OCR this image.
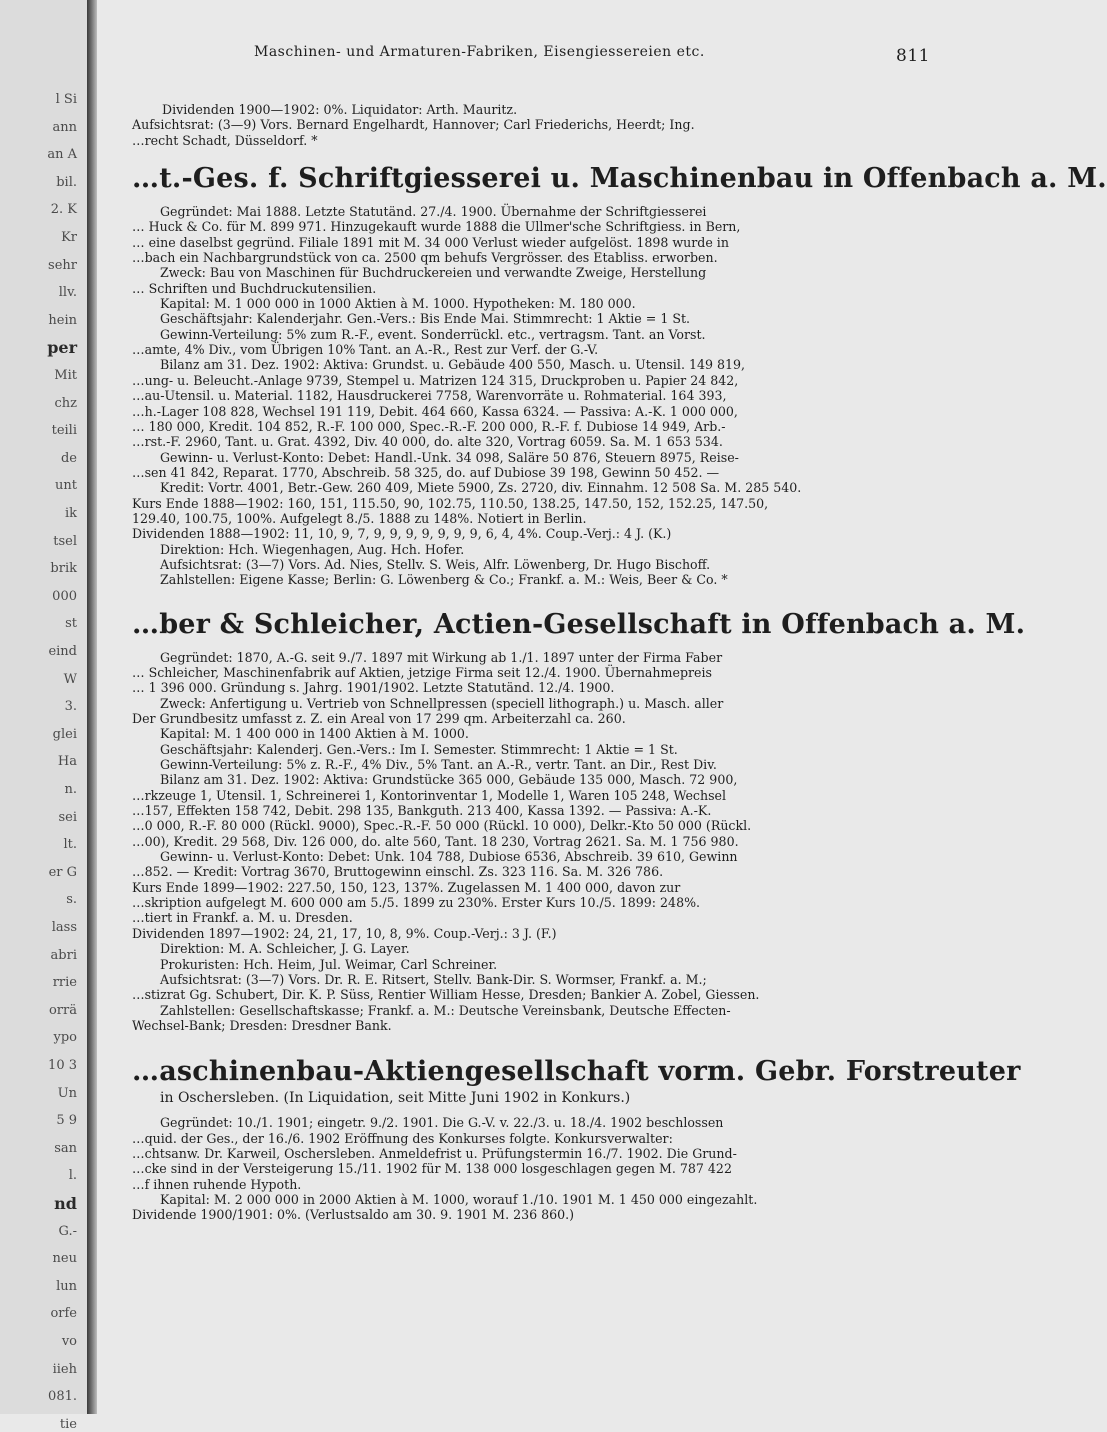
l Si
ann
an A
bil.
2. K
Kr
sehr
llv.
hein
per
Mit
chz
teili
de
unt
ik
tsel
brik
000
st
eind
W
3.
glei
Ha
n.
sei
lt.
er G
s.
lass
abri
rrie
orrä
ypo
10 3
Un
5 9
san
l.
nd
G.-
neu
lun
orfe
vo
iieh
081.
tie
Maschinen- und Armaturen-Fabriken, Eisengiessereien etc.	811
Dividenden 1900—1902: 0%. Liquidator: Arth. Mauritz.
Aufsichtsrat: (3—9) Vors. Bernard Engelhardt, Hannover; Carl Friederichs, Heerdt; Ing.
…recht Schadt, Düsseldorf. *
…t.-Ges. f. Schriftgiesserei u. Maschinenbau in Offenbach a. M.
Gegründet: Mai 1888. Letzte Statutänd. 27./4. 1900. Übernahme der Schriftgiesserei
… Huck & Co. für M. 899 971. Hinzugekauft wurde 1888 die Ullmer'sche Schriftgiess. in Bern,
… eine daselbst gegründ. Filiale 1891 mit M. 34 000 Verlust wieder aufgelöst. 1898 wurde in
…bach ein Nachbargrundstück von ca. 2500 qm behufs Vergrösser. des Etabliss. erworben.
Zweck: Bau von Maschinen für Buchdruckereien und verwandte Zweige, Herstellung
… Schriften und Buchdruckutensilien.
Kapital: M. 1 000 000 in 1000 Aktien à M. 1000. Hypotheken: M. 180 000.
Geschäftsjahr: Kalenderjahr. Gen.-Vers.: Bis Ende Mai. Stimmrecht: 1 Aktie = 1 St.
Gewinn-Verteilung: 5% zum R.-F., event. Sonderrückl. etc., vertragsm. Tant. an Vorst.
…amte, 4% Div., vom Übrigen 10% Tant. an A.-R., Rest zur Verf. der G.-V.
Bilanz am 31. Dez. 1902: Aktiva: Grundst. u. Gebäude 400 550, Masch. u. Utensil. 149 819,
…ung- u. Beleucht.-Anlage 9739, Stempel u. Matrizen 124 315, Druckproben u. Papier 24 842,
…au-Utensil. u. Material. 1182, Hausdruckerei 7758, Warenvorräte u. Rohmaterial. 164 393,
…h.-Lager 108 828, Wechsel 191 119, Debit. 464 660, Kassa 6324. — Passiva: A.-K. 1 000 000,
… 180 000, Kredit. 104 852, R.-F. 100 000, Spec.-R.-F. 200 000, R.-F. f. Dubiose 14 949, Arb.-
…rst.-F. 2960, Tant. u. Grat. 4392, Div. 40 000, do. alte 320, Vortrag 6059. Sa. M. 1 653 534.
Gewinn- u. Verlust-Konto: Debet: Handl.-Unk. 34 098, Saläre 50 876, Steuern 8975, Reise-
…sen 41 842, Reparat. 1770, Abschreib. 58 325, do. auf Dubiose 39 198, Gewinn 50 452. —
Kredit: Vortr. 4001, Betr.-Gew. 260 409, Miete 5900, Zs. 2720, div. Einnahm. 12 508 Sa. M. 285 540.
Kurs Ende 1888—1902: 160, 151, 115.50, 90, 102.75, 110.50, 138.25, 147.50, 152, 152.25, 147.50,
129.40, 100.75, 100%. Aufgelegt 8./5. 1888 zu 148%. Notiert in Berlin.
Dividenden 1888—1902: 11, 10, 9, 7, 9, 9, 9, 9, 9, 9, 9, 6, 4, 4%. Coup.-Verj.: 4 J. (K.)
Direktion: Hch. Wiegenhagen, Aug. Hch. Hofer.
Aufsichtsrat: (3—7) Vors. Ad. Nies, Stellv. S. Weis, Alfr. Löwenberg, Dr. Hugo Bischoff.
Zahlstellen: Eigene Kasse; Berlin: G. Löwenberg & Co.; Frankf. a. M.: Weis, Beer & Co. *
…ber & Schleicher, Actien-Gesellschaft in Offenbach a. M.
Gegründet: 1870, A.-G. seit 9./7. 1897 mit Wirkung ab 1./1. 1897 unter der Firma Faber
… Schleicher, Maschinenfabrik auf Aktien, jetzige Firma seit 12./4. 1900. Übernahmepreis
… 1 396 000. Gründung s. Jahrg. 1901/1902. Letzte Statutänd. 12./4. 1900.
Zweck: Anfertigung u. Vertrieb von Schnellpressen (speciell lithograph.) u. Masch. aller
Der Grundbesitz umfasst z. Z. ein Areal von 17 299 qm. Arbeiterzahl ca. 260.
Kapital: M. 1 400 000 in 1400 Aktien à M. 1000.
Geschäftsjahr: Kalenderj. Gen.-Vers.: Im I. Semester. Stimmrecht: 1 Aktie = 1 St.
Gewinn-Verteilung: 5% z. R.-F., 4% Div., 5% Tant. an A.-R., vertr. Tant. an Dir., Rest Div.
Bilanz am 31. Dez. 1902: Aktiva: Grundstücke 365 000, Gebäude 135 000, Masch. 72 900,
…rkzeuge 1, Utensil. 1, Schreinerei 1, Kontorinventar 1, Modelle 1, Waren 105 248, Wechsel
…157, Effekten 158 742, Debit. 298 135, Bankguth. 213 400, Kassa 1392. — Passiva: A.-K.
…0 000, R.-F. 80 000 (Rückl. 9000), Spec.-R.-F. 50 000 (Rückl. 10 000), Delkr.-Kto 50 000 (Rückl.
…00), Kredit. 29 568, Div. 126 000, do. alte 560, Tant. 18 230, Vortrag 2621. Sa. M. 1 756 980.
Gewinn- u. Verlust-Konto: Debet: Unk. 104 788, Dubiose 6536, Abschreib. 39 610, Gewinn
…852. — Kredit: Vortrag 3670, Bruttogewinn einschl. Zs. 323 116. Sa. M. 326 786.
Kurs Ende 1899—1902: 227.50, 150, 123, 137%. Zugelassen M. 1 400 000, davon zur
…skription aufgelegt M. 600 000 am 5./5. 1899 zu 230%. Erster Kurs 10./5. 1899: 248%.
…tiert in Frankf. a. M. u. Dresden.
Dividenden 1897—1902: 24, 21, 17, 10, 8, 9%. Coup.-Verj.: 3 J. (F.)
Direktion: M. A. Schleicher, J. G. Layer.
Prokuristen: Hch. Heim, Jul. Weimar, Carl Schreiner.
Aufsichtsrat: (3—7) Vors. Dr. R. E. Ritsert, Stellv. Bank-Dir. S. Wormser, Frankf. a. M.;
…stizrat Gg. Schubert, Dir. K. P. Süss, Rentier William Hesse, Dresden; Bankier A. Zobel, Giessen.
Zahlstellen: Gesellschaftskasse; Frankf. a. M.: Deutsche Vereinsbank, Deutsche Effecten-
Wechsel-Bank; Dresden: Dresdner Bank.
…aschinenbau-Aktiengesellschaft vorm. Gebr. Forstreuter
in Oschersleben. (In Liquidation, seit Mitte Juni 1902 in Konkurs.)
Gegründet: 10./1. 1901; eingetr. 9./2. 1901. Die G.-V. v. 22./3. u. 18./4. 1902 beschlossen
…quid. der Ges., der 16./6. 1902 Eröffnung des Konkurses folgte. Konkursverwalter:
…chtsanw. Dr. Karweil, Oschersleben. Anmeldefrist u. Prüfungstermin 16./7. 1902. Die Grund-
…cke sind in der Versteigerung 15./11. 1902 für M. 138 000 losgeschlagen gegen M. 787 422
…f ihnen ruhende Hypoth.
Kapital: M. 2 000 000 in 2000 Aktien à M. 1000, worauf 1./10. 1901 M. 1 450 000 eingezahlt.
Dividende 1900/1901: 0%. (Verlustsaldo am 30. 9. 1901 M. 236 860.)
